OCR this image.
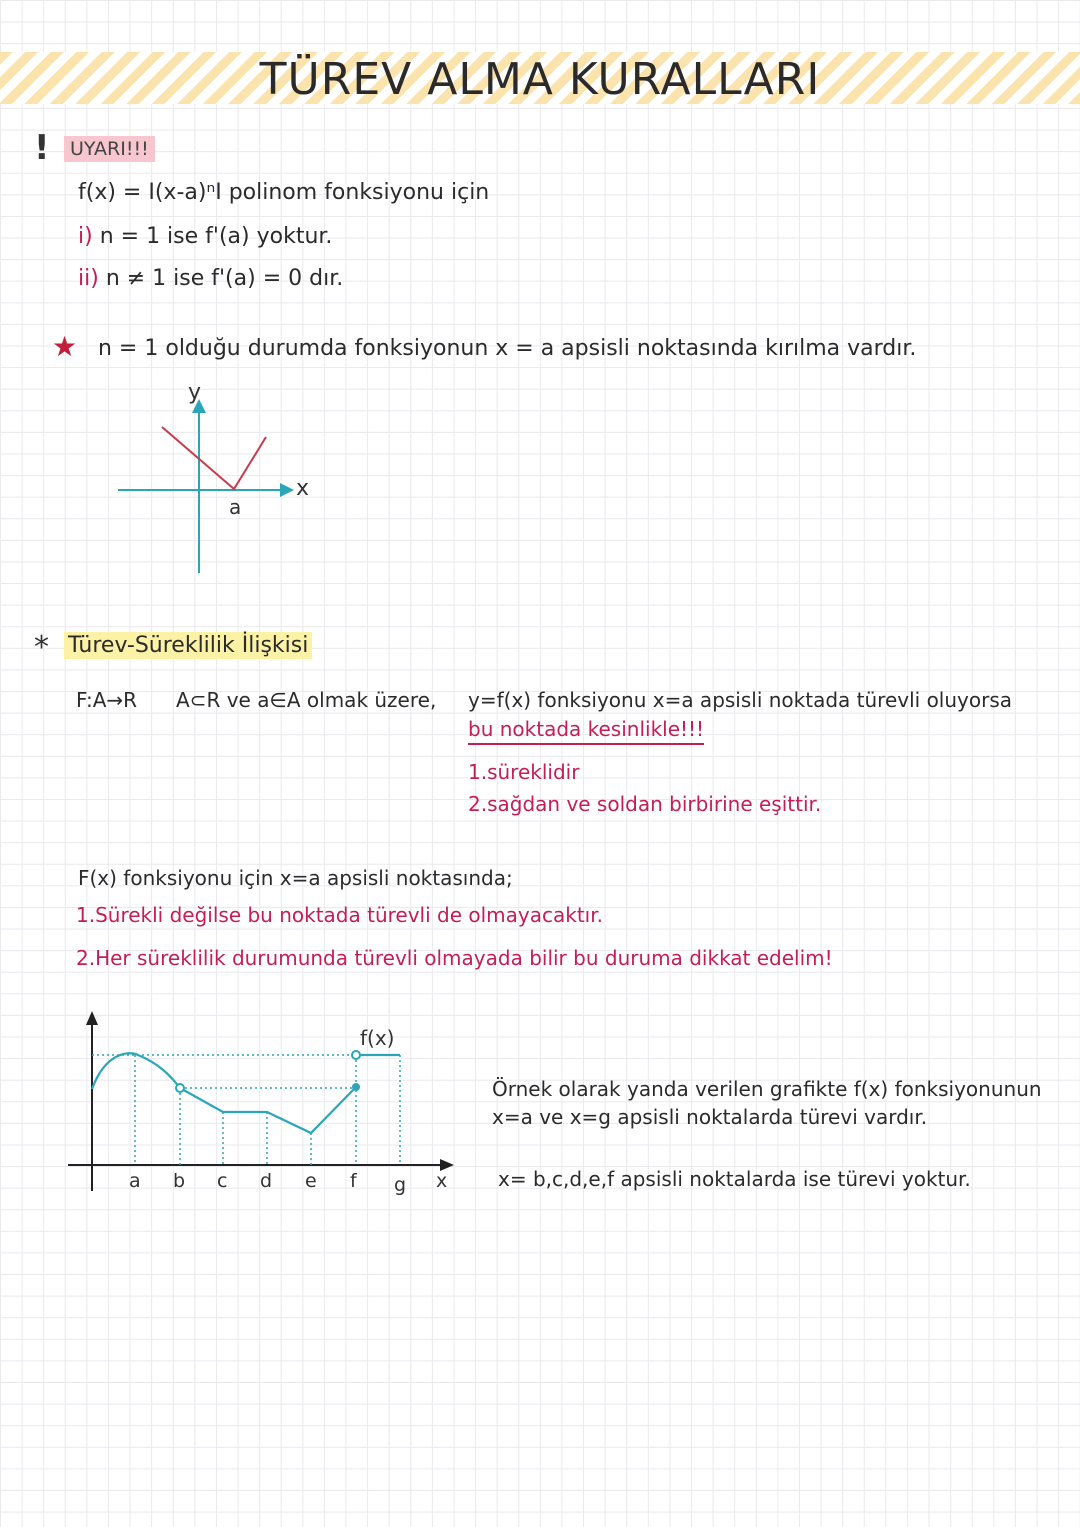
TÜREV ALMA KURALLARI
!	UYARI!!!
f(x) = I(x-a)ⁿI polinom fonksiyonu için
i) n = 1 ise f'(a) yoktur.
ii) n ≠ 1 ise f'(a) = 0 dır.
★ n = 1 olduğu durumda fonksiyonun x = a apsisli noktasında kırılma vardır.
y
x
a
* Türev-Süreklilik İlişkisi
F:A→R A⊂R ve a∈A olmak üzere, y=f(x) fonksiyonu x=a apsisli noktada türevli oluyorsa
bu noktada kesinlikle!!!
1.süreklidir
2.sağdan ve soldan birbirine eşittir.
F(x) fonksiyonu için x=a apsisli noktasında;
1.Sürekli değilse bu noktada türevli de olmayacaktır.
2.Her süreklilik durumunda türevli olmayada bilir bu duruma dikkat edelim!
f(x)
a b c d e f g x
Örnek olarak yanda verilen grafikte f(x) fonksiyonunun
x=a ve x=g apsisli noktalarda türevi vardır.
x= b,c,d,e,f apsisli noktalarda ise türevi yoktur.
